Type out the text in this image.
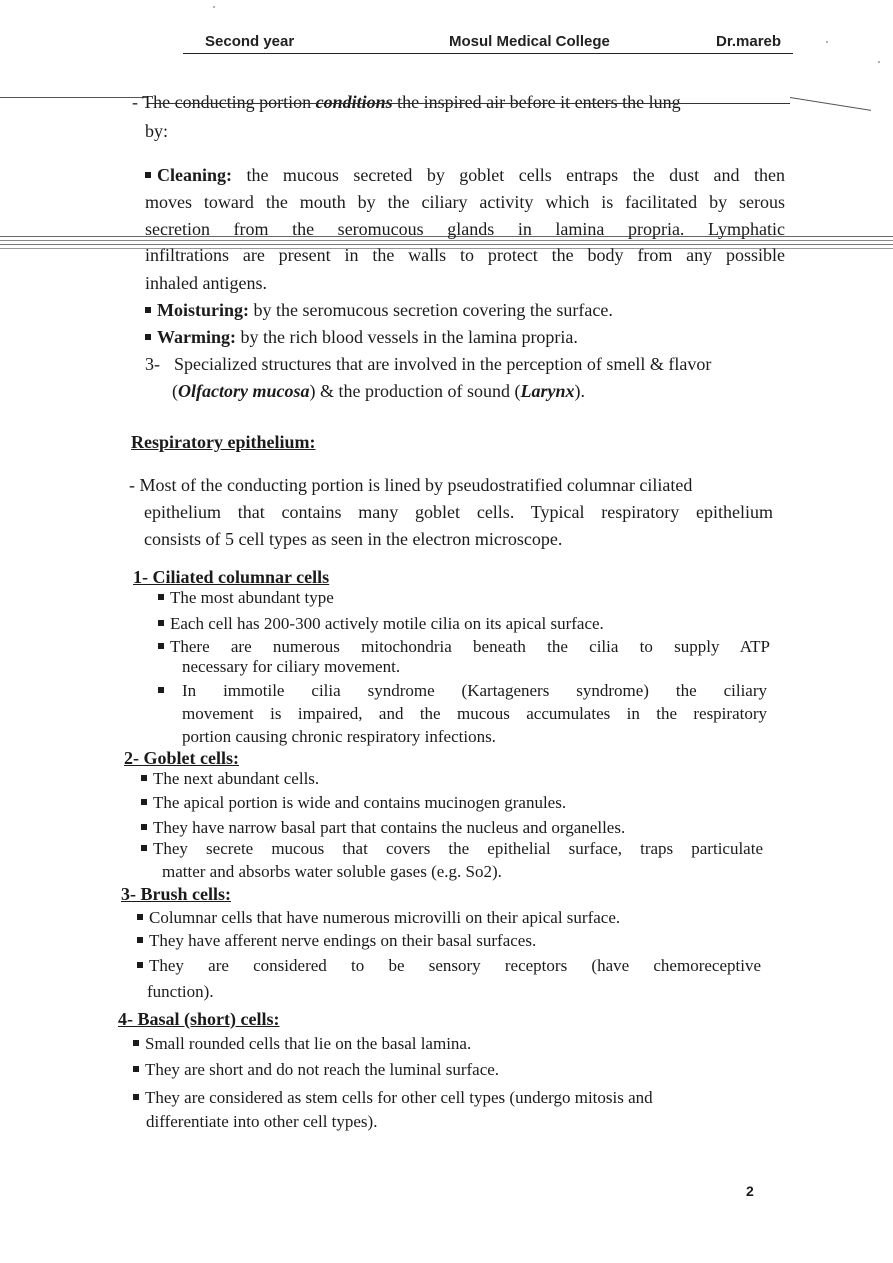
Second year	Mosul Medical College	Dr.mareb
- The conducting portion conditions the inspired air before it enters the lung
by:
Cleaning: the mucous secreted by goblet cells entraps the dust and then
moves toward the mouth by the ciliary activity which is facilitated by serous
secretion from the seromucous glands in lamina propria. Lymphatic
infiltrations are present in the walls to protect the body from any possible
inhaled antigens.
Moisturing: by the seromucous secretion covering the surface.
Warming: by the rich blood vessels in the lamina propria.
3- Specialized structures that are involved in the perception of smell & flavor
(Olfactory mucosa) & the production of sound (Larynx).
Respiratory epithelium:
- Most of the conducting portion is lined by pseudostratified columnar ciliated
epithelium that contains many goblet cells. Typical respiratory epithelium
consists of 5 cell types as seen in the electron microscope.
1- Ciliated columnar cells
The most abundant type
Each cell has 200-300 actively motile cilia on its apical surface.
There are numerous mitochondria beneath the cilia to supply ATP
necessary for ciliary movement.
In immotile cilia syndrome (Kartageners syndrome) the ciliary
movement is impaired, and the mucous accumulates in the respiratory
portion causing chronic respiratory infections.
2- Goblet cells:
The next abundant cells.
The apical portion is wide and contains mucinogen granules.
They have narrow basal part that contains the nucleus and organelles.
They secrete mucous that covers the epithelial surface, traps particulate
matter and absorbs water soluble gases (e.g. So2).
3- Brush cells:
Columnar cells that have numerous microvilli on their apical surface.
They have afferent nerve endings on their basal surfaces.
They are considered to be sensory receptors (have chemoreceptive
function).
4- Basal (short) cells:
Small rounded cells that lie on the basal lamina.
They are short and do not reach the luminal surface.
They are considered as stem cells for other cell types (undergo mitosis and
differentiate into other cell types).
2
